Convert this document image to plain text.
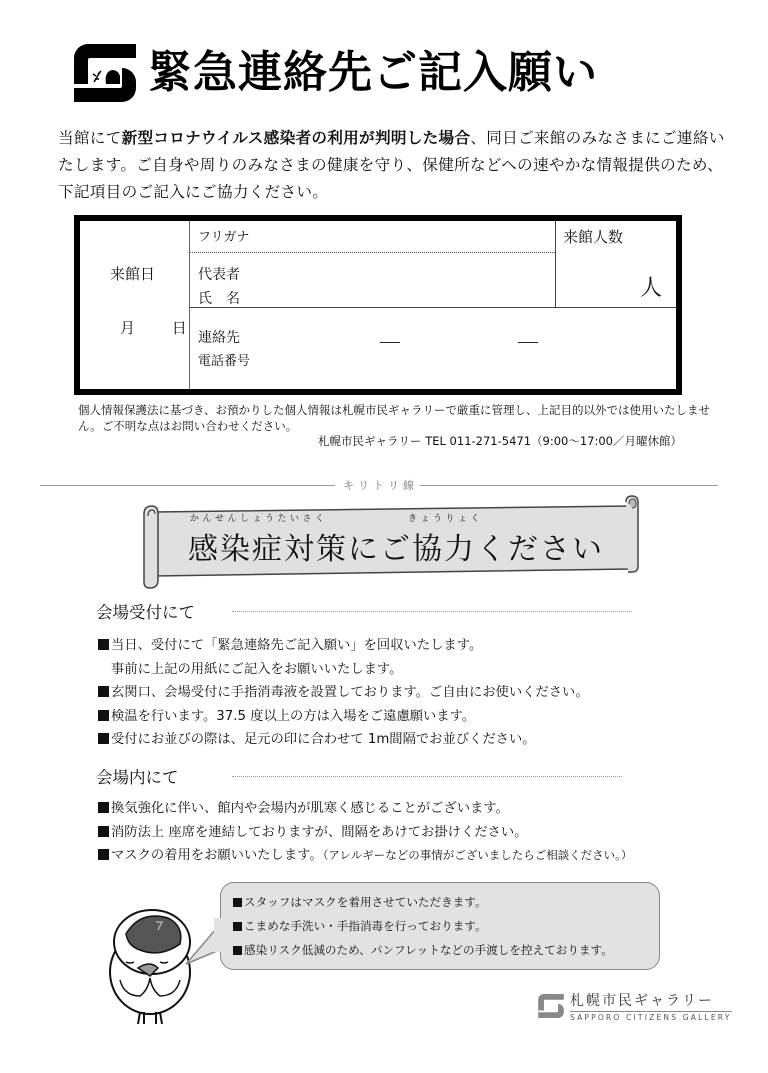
緊急連絡先ご記入願い
当館にて新型コロナウイルス感染者の利用が判明した場合、同日ご来館のみなさまにご連絡いたします。ご自身や周りのみなさまの健康を守り、保健所などへの速やかな情報提供のため、下記項目のご記入にご協力ください。
来館日
月 日
フリガナ
代表者
氏　名
来館人数
人
連絡先
電話番号
個人情報保護法に基づき、お預かりした個人情報は札幌市民ギャラリーで厳重に管理し、上記目的以外では使用いたしません。ご不明な点はお問い合わせください。
札幌市民ギャラリー TEL 011-271-5471（9:00～17:00／月曜休館）
キリトリ線
かんせんしょうたいさく	きょうりょく
感染症対策にご協力ください
会場受付にて
当日、受付にて「緊急連絡先ご記入願い」を回収いたします。
事前に上記の用紙にご記入をお願いいたします。
玄関口、会場受付に手指消毒液を設置しております。ご自由にお使いください。
検温を行います。37.5 度以上の方は入場をご遠慮願います。
受付にお並びの際は、足元の印に合わせて 1m間隔でお並びください。
会場内にて
換気強化に伴い、館内や会場内が肌寒く感じることがございます。
消防法上 座席を連結しておりますが、間隔をあけてお掛けください。
マスクの着用をお願いいたします。（アレルギーなどの事情がございましたらご相談ください。）
スタッフはマスクを着用させていただきます。
こまめな手洗い・手指消毒を行っております。
感染リスク低減のため、パンフレットなどの手渡しを控えております。
札幌市民ギャラリー
SAPPORO CITIZENS GALLERY
